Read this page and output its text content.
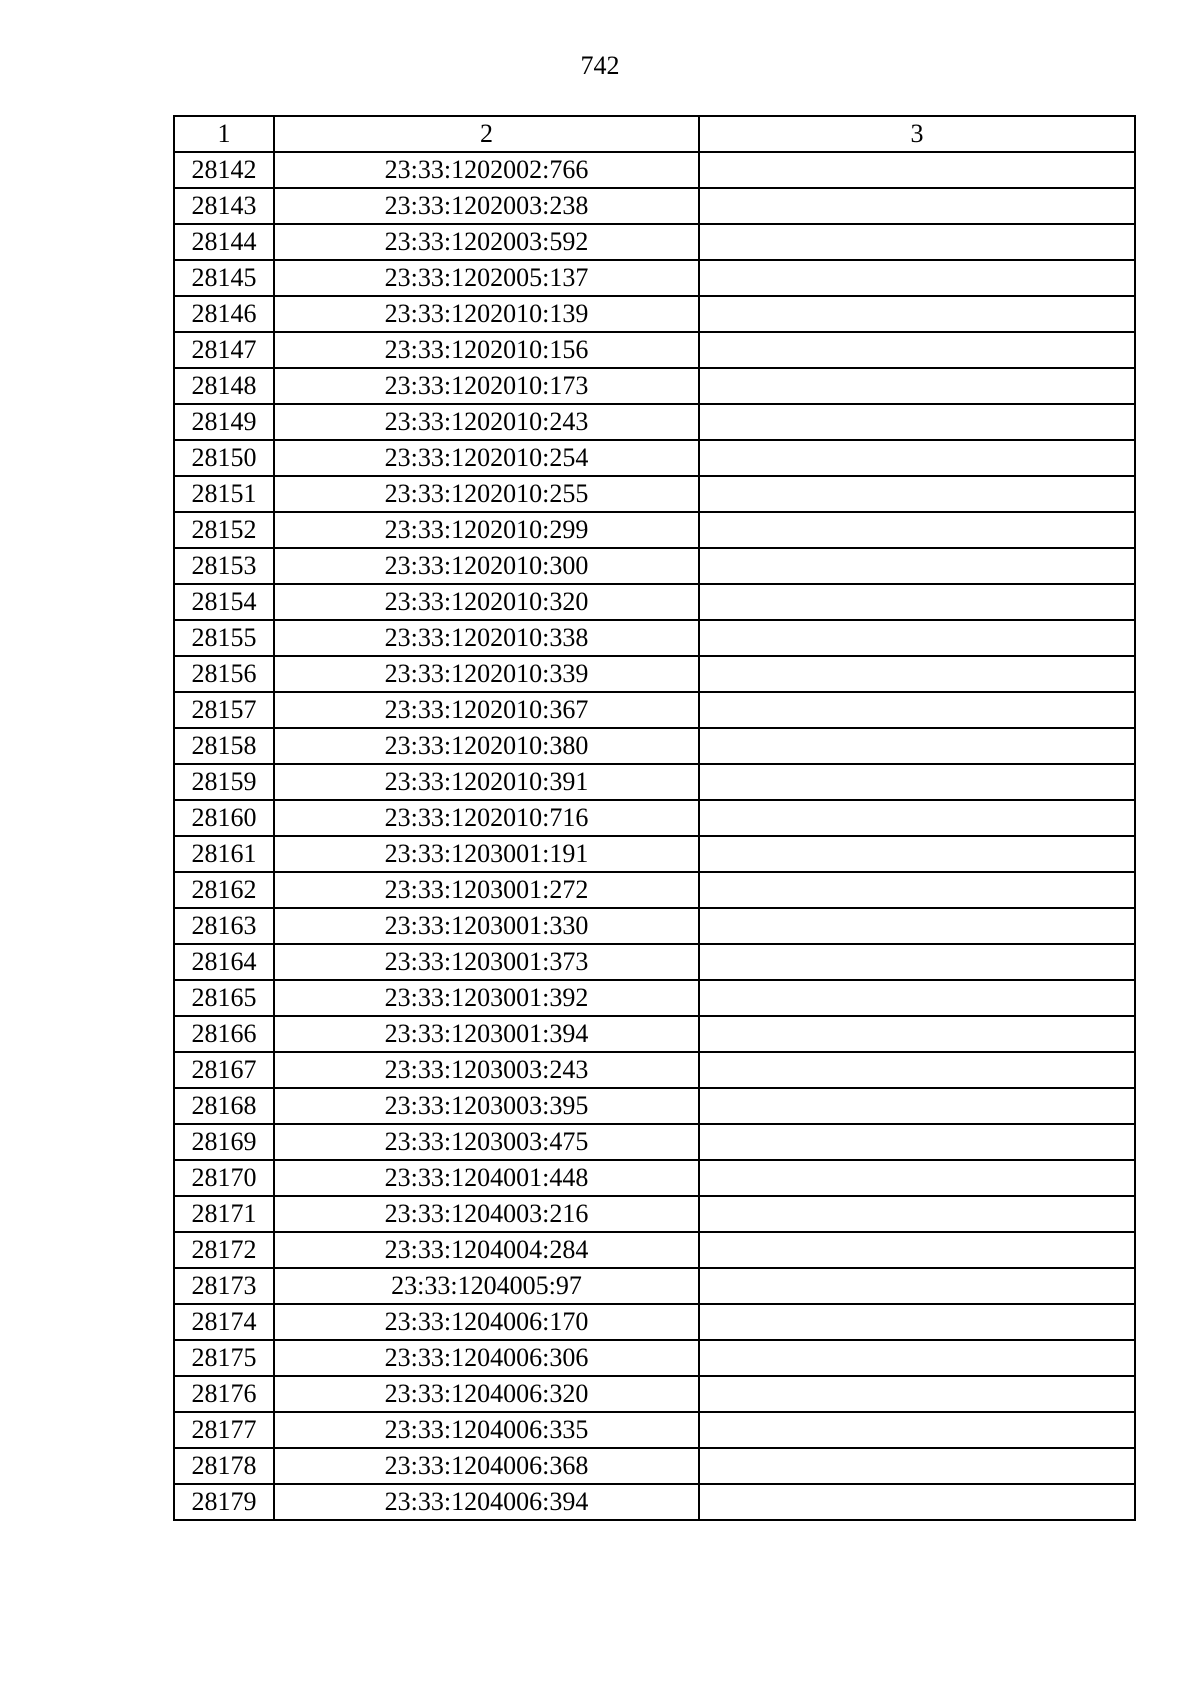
742
1	2	3
28142	23:33:1202002:766	
28143	23:33:1202003:238	
28144	23:33:1202003:592	
28145	23:33:1202005:137	
28146	23:33:1202010:139	
28147	23:33:1202010:156	
28148	23:33:1202010:173	
28149	23:33:1202010:243	
28150	23:33:1202010:254	
28151	23:33:1202010:255	
28152	23:33:1202010:299	
28153	23:33:1202010:300	
28154	23:33:1202010:320	
28155	23:33:1202010:338	
28156	23:33:1202010:339	
28157	23:33:1202010:367	
28158	23:33:1202010:380	
28159	23:33:1202010:391	
28160	23:33:1202010:716	
28161	23:33:1203001:191	
28162	23:33:1203001:272	
28163	23:33:1203001:330	
28164	23:33:1203001:373	
28165	23:33:1203001:392	
28166	23:33:1203001:394	
28167	23:33:1203003:243	
28168	23:33:1203003:395	
28169	23:33:1203003:475	
28170	23:33:1204001:448	
28171	23:33:1204003:216	
28172	23:33:1204004:284	
28173	23:33:1204005:97	
28174	23:33:1204006:170	
28175	23:33:1204006:306	
28176	23:33:1204006:320	
28177	23:33:1204006:335	
28178	23:33:1204006:368	
28179	23:33:1204006:394	
